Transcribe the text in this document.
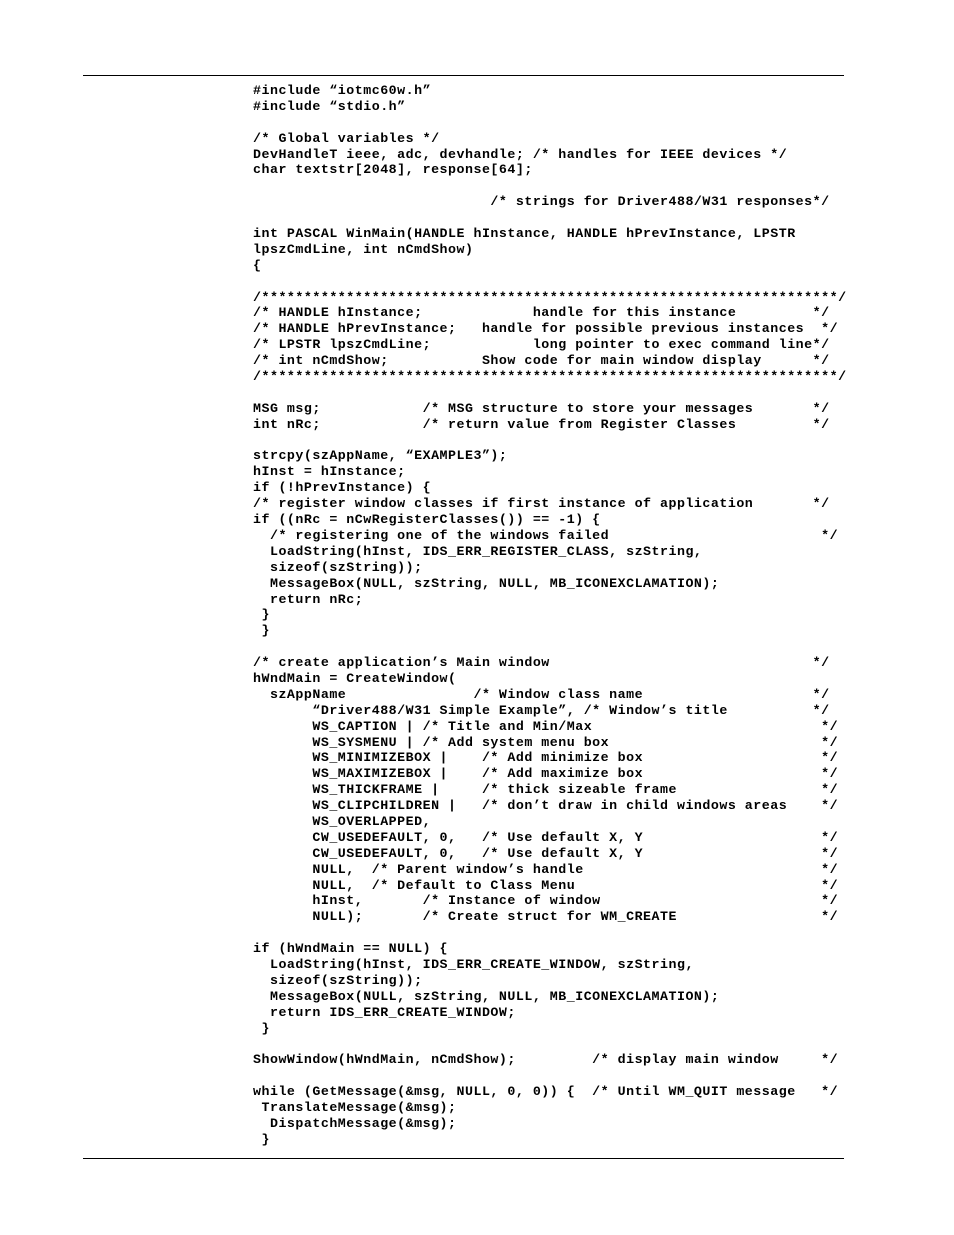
#include “iotmc60w.h”
#include “stdio.h”
/* Global variables */
DevHandleT ieee, adc, devhandle; /* handles for IEEE devices */
char textstr[2048], response[64];
/* strings for Driver488/W31 responses*/
int PASCAL WinMain(HANDLE hInstance, HANDLE hPrevInstance, LPSTR
lpszCmdLine, int nCmdShow)
{
/********************************************************************/
/* HANDLE hInstance;             handle for this instance         */
/* HANDLE hPrevInstance;   handle for possible previous instances  */
/* LPSTR lpszCmdLine;            long pointer to exec command line*/
/* int nCmdShow;           Show code for main window display      */
/********************************************************************/
MSG msg;            /* MSG structure to store your messages       */
int nRc;            /* return value from Register Classes         */
strcpy(szAppName, “EXAMPLE3”);
hInst = hInstance;
if (!hPrevInstance) {
/* register window classes if first instance of application       */
if ((nRc = nCwRegisterClasses()) == -1) {
/* registering one of the windows failed                         */
LoadString(hInst, IDS_ERR_REGISTER_CLASS, szString,
sizeof(szString));
MessageBox(NULL, szString, NULL, MB_ICONEXCLAMATION);
return nRc;
}
}
/* create application’s Main window                               */
hWndMain = CreateWindow(
szAppName               /* Window class name                    */
“Driver488/W31 Simple Example”, /* Window’s title          */
WS_CAPTION | /* Title and Min/Max                           */
WS_SYSMENU | /* Add system menu box                         */
WS_MINIMIZEBOX |    /* Add minimize box                     */
WS_MAXIMIZEBOX |    /* Add maximize box                     */
WS_THICKFRAME |     /* thick sizeable frame                 */
WS_CLIPCHILDREN |   /* don’t draw in child windows areas    */
WS_OVERLAPPED,
CW_USEDEFAULT, 0,   /* Use default X, Y                     */
CW_USEDEFAULT, 0,   /* Use default X, Y                     */
NULL,  /* Parent window’s handle                            */
NULL,  /* Default to Class Menu                             */
hInst,       /* Instance of window                          */
NULL);       /* Create struct for WM_CREATE                 */
if (hWndMain == NULL) {
LoadString(hInst, IDS_ERR_CREATE_WINDOW, szString,
sizeof(szString));
MessageBox(NULL, szString, NULL, MB_ICONEXCLAMATION);
return IDS_ERR_CREATE_WINDOW;
}
ShowWindow(hWndMain, nCmdShow);         /* display main window     */
while (GetMessage(&msg, NULL, 0, 0)) {  /* Until WM_QUIT message   */
TranslateMessage(&msg);
DispatchMessage(&msg);
}
